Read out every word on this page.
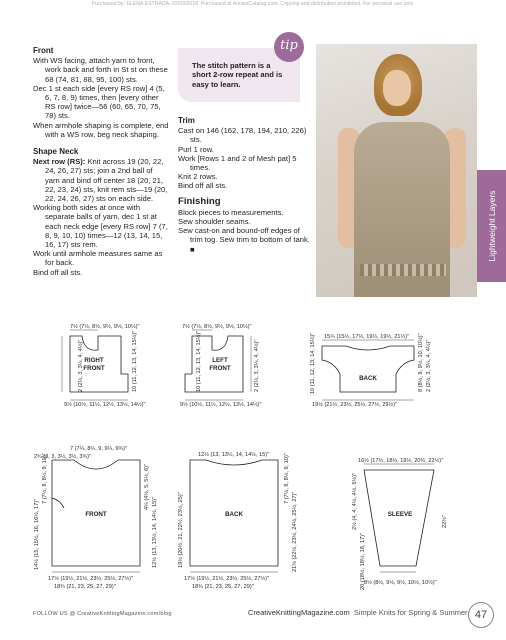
Purchased by: ELENA ESTRADA, 02/03/2018. Purchased at AnniesCatalog.com. Copying and distribution prohibited. For personal use only.
Front
With WS facing, attach yarn to front, work back and forth in St st on these 68 (74, 81, 88, 95, 100) sts.
Dec 1 st each side [every RS row] 4 (5, 6, 7, 8, 9) times, then [every other RS row] twice—56 (60, 65, 70, 75, 78) sts.
When armhole shaping is complete, end with a WS row, beg neck shaping.
Shape Neck
Next row (RS): Knit across 19 (20, 22, 24, 26, 27) sts; join a 2nd ball of yarn and bind off center 18 (20, 21, 22, 23, 24) sts, knit rem sts—19 (20, 22, 24, 26, 27) sts on each side.
Working both sides at once with separate balls of yarn, dec 1 st at each neck edge [every RS row] 7 (7, 8, 9, 10, 10) times—12 (13, 14, 15, 16, 17) sts rem.
Work until armhole measures same as for back.
Bind off all sts.
The stitch pattern is a short 2-row repeat and is easy to learn.
tip
Trim
Cast on 146 (162, 178, 194, 210, 226) sts.
Purl 1 row.
Work [Rows 1 and 2 of Mesh pat] 5 times.
Knit 2 rows.
Bind off all sts.
Finishing
Block pieces to measurements.
Sew shoulder seams.
Sew cast-on and bound-off edges of trim tog. Sew trim to bottom of tank. ■	Lightweight Layers
7½ (7½, 8½, 9½, 9½, 10½)"
RIGHT
FRONT
9½ (10½, 11½, 12½, 13½, 14½)"
2 (2½, 3, 3¼, 4, 4½)"	10 (11, 12, 13, 14, 15½)"
7½ (7½, 8½, 9½, 9½, 10½)"
LEFT
FRONT
9½ (10½, 11½, 12½, 13½, 14½)"
10 (11, 12, 13, 14, 15½)"	2 (2½, 3, 3¼, 4, 4½)"
15¼ (15½, 17½, 19½, 19½, 21½)"
BACK
19½ (21½, 23½, 25½, 27½, 29½)"
10 (11, 12, 13, 14, 15½)"	8 (8½, 9, 9½, 10, 10½)" 2 (2½, 3, 3¼, 4, 4½)"
7 (7¼, 8¼, 9, 9¼, 9¾)"
2¾ (3, 3, 3½, 3½, 3¾)"
FRONT
17½ (19½, 21½, 23½, 25½, 27½)"
18¾ (21, 23, 25, 27, 29)"
14½ (15, 15½, 16, 16½, 17)"
7 (7½, 8, 8½, 9, 10)"	4¼ (4½, 5, 5½, 6)"
12½ (13, 13½, 14, 14½, 15)"
12½ (13, 13½, 14, 14½, 15)"
BACK
17½ (19½, 21½, 23½, 25½, 27½)"
18¾ (21, 23, 25, 27, 29)"
19½ (20½, 21, 22½, 23½, 25)"
7 (7½, 8, 8½, 9, 10)"
21½ (22½, 23½, 24½, 25½, 27)"
16½ (17½, 18½, 19½, 20½, 22½)"
SLEEVE
8½ (8½, 9½, 9½, 10½, 10½)"
2½ (4, 4, 4½, 4½, 5½)"
20 (18½, 18½, 18, 17)"
22½"
FOLLOW US @ CreativeKnittingMagazine.com/blog	CreativeKnittingMagazine.com Simple Knits for Spring & Summer 47
